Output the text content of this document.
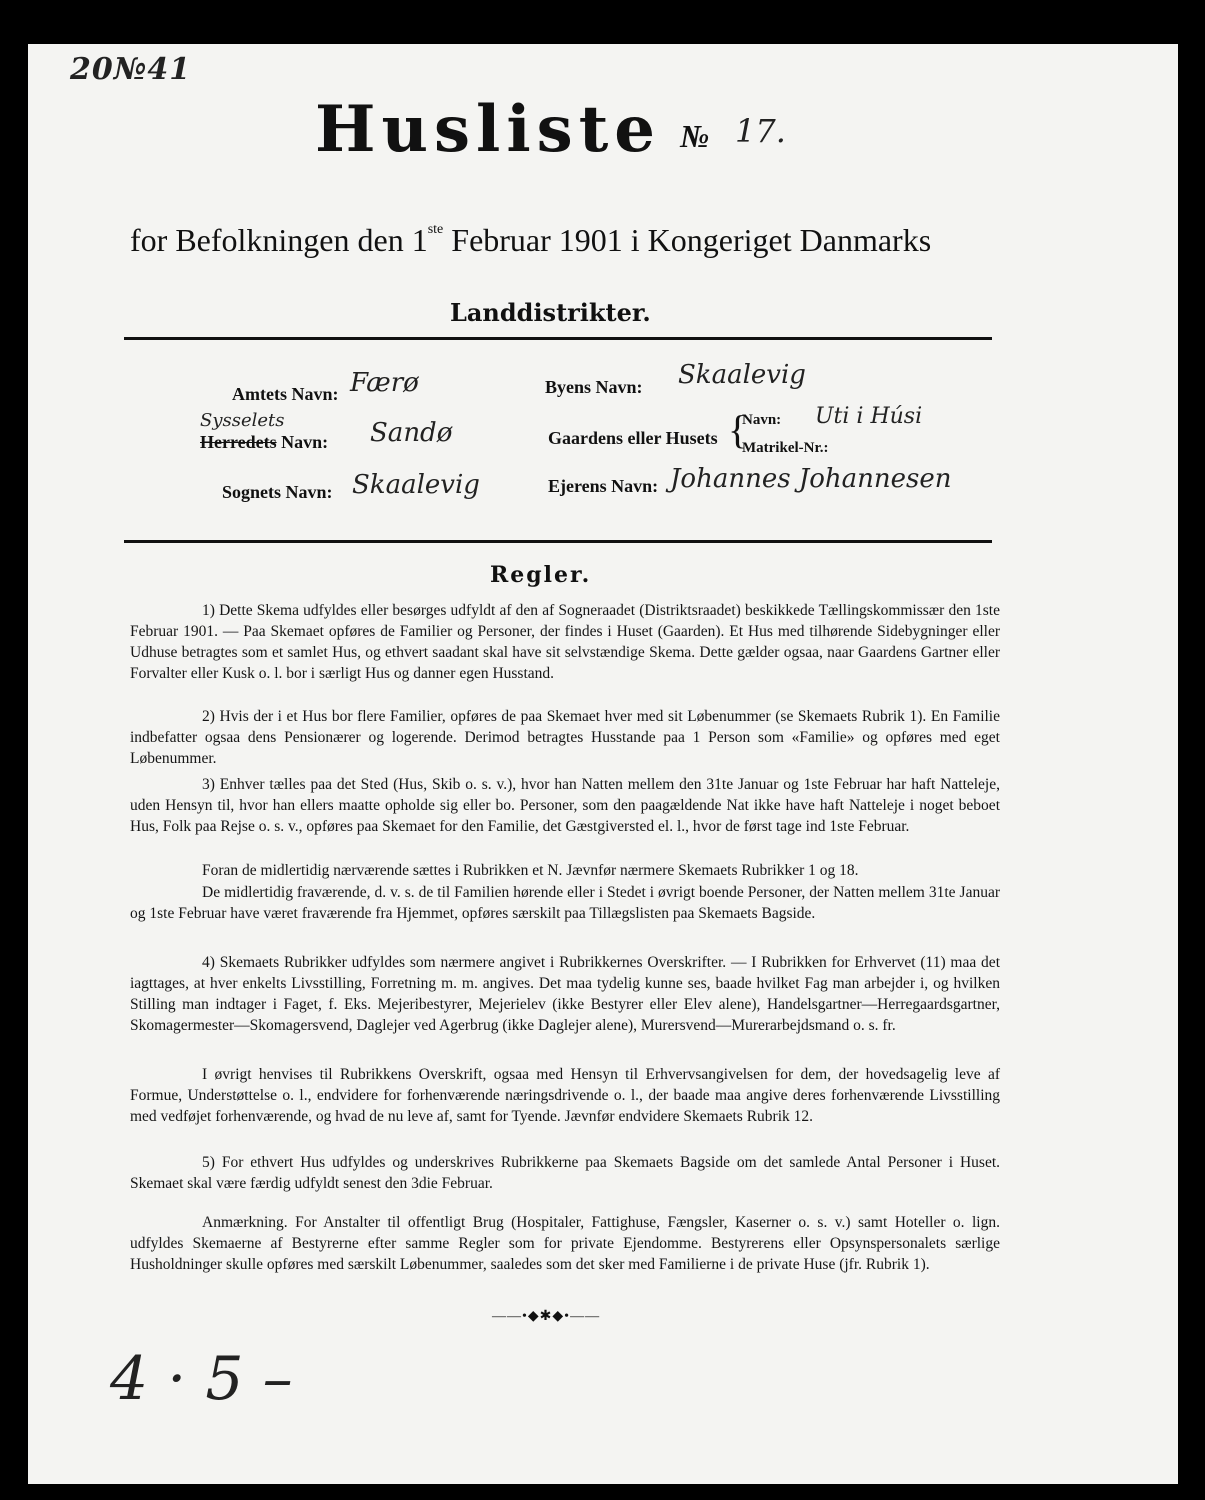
20№41
Husliste № 17.
for Befolkningen den 1ste Februar 1901 i Kongeriget Danmarks
Landdistrikter.
Amtets Navn: Færø
Sysselets
Herredets Navn: Sandø
Sognets Navn: Skaalevig
Byens Navn: Skaalevig
Gaardens eller Husets {
Navn: Uti i Húsi
Matrikel-Nr.:
Ejerens Navn: Johannes Johannesen
Regler.
1) Dette Skema udfyldes eller besørges udfyldt af den af Sogneraadet (Distriktsraadet) beskikkede Tællingskommissær den 1ste Februar 1901. — Paa Skemaet opføres de Familier og Personer, der findes i Huset (Gaarden). Et Hus med tilhørende Sidebygninger eller Udhuse betragtes som et samlet Hus, og ethvert saadant skal have sit selvstændige Skema. Dette gælder ogsaa, naar Gaardens Gartner eller Forvalter eller Kusk o. l. bor i særligt Hus og danner egen Husstand.
2) Hvis der i et Hus bor flere Familier, opføres de paa Skemaet hver med sit Løbenummer (se Skemaets Rubrik 1). En Familie indbefatter ogsaa dens Pensionærer og logerende. Derimod betragtes Husstande paa 1 Person som «Familie» og opføres med eget Løbenummer.
3) Enhver tælles paa det Sted (Hus, Skib o. s. v.), hvor han Natten mellem den 31te Januar og 1ste Februar har haft Natteleje, uden Hensyn til, hvor han ellers maatte opholde sig eller bo. Personer, som den paagældende Nat ikke have haft Natteleje i noget beboet Hus, Folk paa Rejse o. s. v., opføres paa Skemaet for den Familie, det Gæstgiversted el. l., hvor de først tage ind 1ste Februar.
Foran de midlertidig nærværende sættes i Rubrikken et N. Jævnfør nærmere Skemaets Rubrikker 1 og 18.
De midlertidig fraværende, d. v. s. de til Familien hørende eller i Stedet i øvrigt boende Personer, der Natten mellem 31te Januar og 1ste Februar have været fraværende fra Hjemmet, opføres særskilt paa Tillægslisten paa Skemaets Bagside.
4) Skemaets Rubrikker udfyldes som nærmere angivet i Rubrikkernes Overskrifter. — I Rubrikken for Erhvervet (11) maa det iagttages, at hver enkelts Livsstilling, Forretning m. m. angives. Det maa tydelig kunne ses, baade hvilket Fag man arbejder i, og hvilken Stilling man indtager i Faget, f. Eks. Mejeribestyrer, Mejerielev (ikke Bestyrer eller Elev alene), Handelsgartner—Herregaardsgartner, Skomagermester—Skomagersvend, Daglejer ved Agerbrug (ikke Daglejer alene), Murersvend—Murerarbejdsmand o. s. fr.
I øvrigt henvises til Rubrikkens Overskrift, ogsaa med Hensyn til Erhvervsangivelsen for dem, der hovedsagelig leve af Formue, Understøttelse o. l., endvidere for forhenværende næringsdrivende o. l., der baade maa angive deres forhenværende Livsstilling med vedføjet forhenværende, og hvad de nu leve af, samt for Tyende. Jævnfør endvidere Skemaets Rubrik 12.
5) For ethvert Hus udfyldes og underskrives Rubrikkerne paa Skemaets Bagside om det samlede Antal Personer i Huset. Skemaet skal være færdig udfyldt senest den 3die Februar.
Anmærkning. For Anstalter til offentligt Brug (Hospitaler, Fattighuse, Fængsler, Kaserner o. s. v.) samt Hoteller o. lign. udfyldes Skemaerne af Bestyrerne efter samme Regler som for private Ejendomme. Bestyrerens eller Opsynspersonalets særlige Husholdninger skulle opføres med særskilt Løbenummer, saaledes som det sker med Familierne i de private Huse (jfr. Rubrik 1).
——•◆✱◆•——
4 · 5 –
